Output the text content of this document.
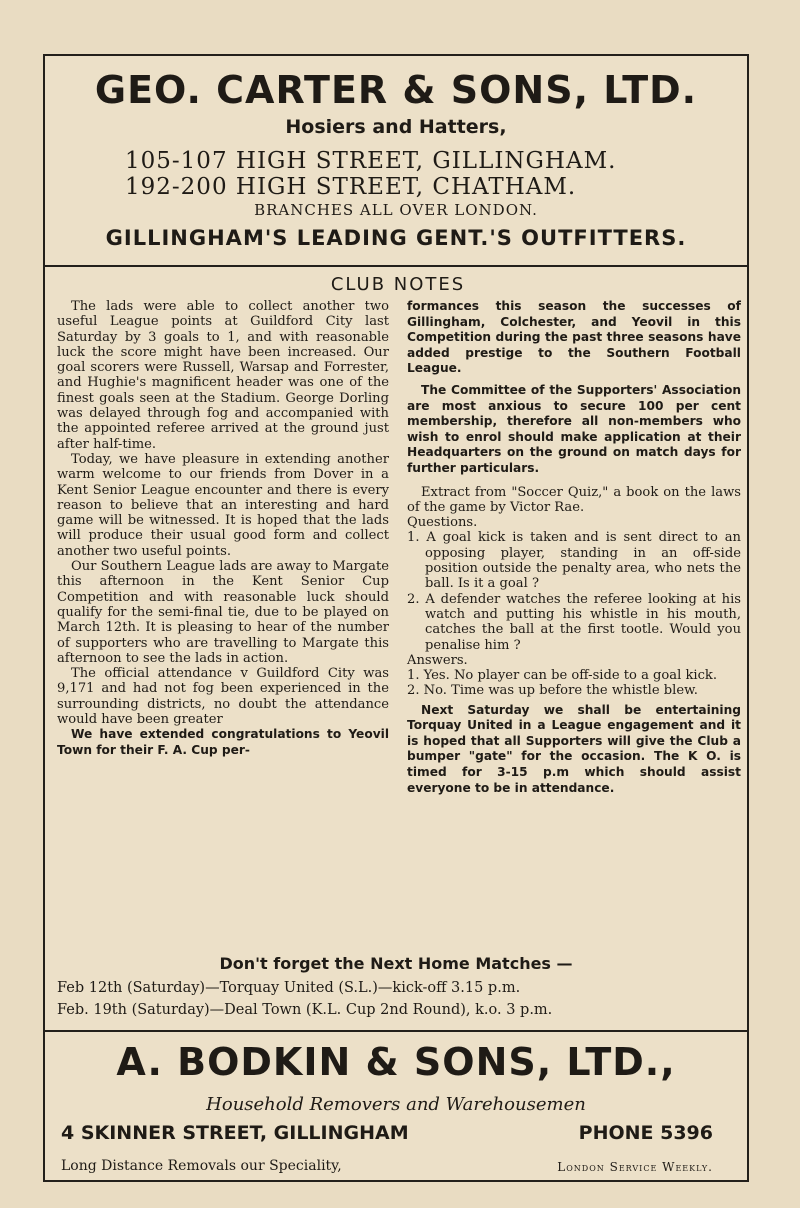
GEO. CARTER & SONS, LTD.
Hosiers and Hatters,
105-107 HIGH STREET, GILLINGHAM.
192-200 HIGH STREET, CHATHAM.
BRANCHES ALL OVER LONDON.
GILLINGHAM'S LEADING GENT.'S OUTFITTERS.
CLUB NOTES

The lads were able to collect another two useful League points at Guildford City last Saturday by 3 goals to 1, and with reasonable luck the score might have been increased. Our goal scorers were Russell, Warsap and Forrester, and Hughie's magnificent header was one of the finest goals seen at the Stadium. George Dorling was delayed through fog and accompanied with the appointed referee arrived at the ground just after half-time.

Today, we have pleasure in extending another warm welcome to our friends from Dover in a Kent Senior League encounter and there is every reason to believe that an interesting and hard game will be witnessed. It is hoped that the lads will produce their usual good form and collect another two useful points.

Our Southern League lads are away to Margate this afternoon in the Kent Senior Cup Competition and with reasonable luck should qualify for the semi-final tie, due to be played on March 12th. It is pleasing to hear of the number of supporters who are travelling to Margate this afternoon to see the lads in action.

The official attendance v Guildford City was 9,171 and had not fog been experienced in the surrounding districts, no doubt the attendance would have been greater

We have extended congratulations to Yeovil Town for their F. A. Cup per-

formances this season the successes of Gillingham, Colchester, and Yeovil in this Competition during the past three seasons have added prestige to the Southern Football League.

The Committee of the Supporters' Association are most anxious to secure 100 per cent membership, therefore all non-members who wish to enrol should make application at their Headquarters on the ground on match days for further particulars.

Extract from "Soccer Quiz," a book on the laws of the game by Victor Rae.

Questions.

1. A goal kick is taken and is sent direct to an opposing player, standing in an off-side position outside the penalty area, who nets the ball. Is it a goal ?

2. A defender watches the referee looking at his watch and putting his whistle in his mouth, catches the ball at the first tootle. Would you penalise him ?

Answers.

1. Yes. No player can be off-side to a goal kick.

2. No. Time was up before the whistle blew.

Next Saturday we shall be entertaining Torquay United in a League engagement and it is hoped that all Supporters will give the Club a bumper "gate" for the occasion. The K O. is timed for 3-15 p.m which should assist everyone to be in attendance.

Don't forget the Next Home Matches —
Feb 12th (Saturday)—Torquay United (S.L.)—kick-off 3.15 p.m.
Feb. 19th (Saturday)—Deal Town (K.L. Cup 2nd Round), k.o. 3 p.m.
A. BODKIN & SONS, LTD.,
Household Removers and Warehousemen
4 SKINNER STREET, GILLINGHAM	PHONE 5396
Long Distance Removals our Speciality,	London Service Weekly.
